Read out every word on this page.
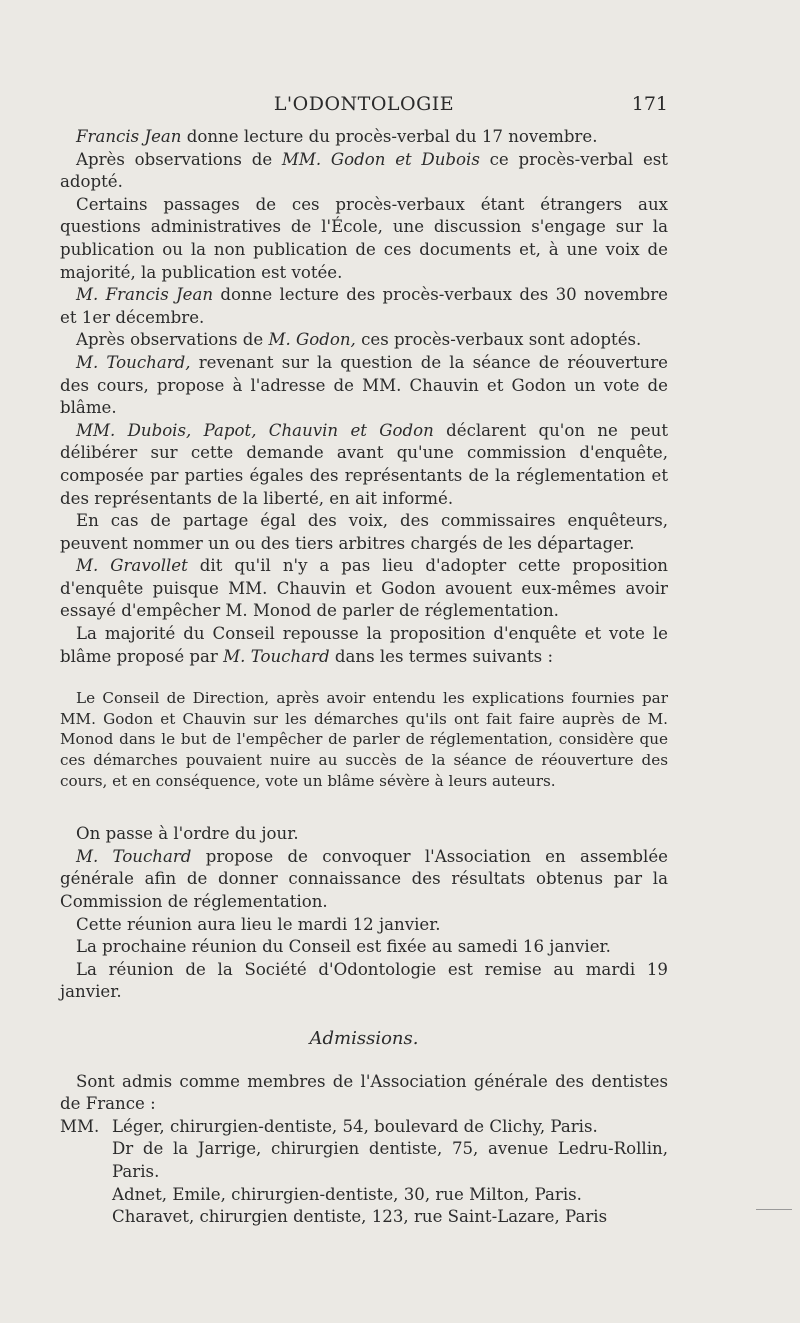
L'ODONTOLOGIE	171

Francis Jean donne lecture du procès-verbal du 17 novembre.

Après observations de MM. Godon et Dubois ce procès-verbal est adopté.

Certains passages de ces procès-verbaux étant étrangers aux questions administratives de l'École, une discussion s'engage sur la publication ou la non publication de ces documents et, à une voix de majorité, la publication est votée.

M. Francis Jean donne lecture des procès-verbaux des 30 novembre et 1er décembre.

Après observations de M. Godon, ces procès-verbaux sont adoptés.

M. Touchard, revenant sur la question de la séance de réouverture des cours, propose à l'adresse de MM. Chauvin et Godon un vote de blâme.

MM. Dubois, Papot, Chauvin et Godon déclarent qu'on ne peut délibérer sur cette demande avant qu'une commission d'enquête, composée par parties égales des représentants de la réglementation et des représentants de la liberté, en ait informé.

En cas de partage égal des voix, des commissaires enquêteurs, peuvent nommer un ou des tiers arbitres chargés de les départager.

M. Gravollet dit qu'il n'y a pas lieu d'adopter cette proposition d'enquête puisque MM. Chauvin et Godon avouent eux-mêmes avoir essayé d'empêcher M. Monod de parler de réglementation.

La majorité du Conseil repousse la proposition d'enquête et vote le blâme proposé par M. Touchard dans les termes suivants :

Le Conseil de Direction, après avoir entendu les explications fournies par MM. Godon et Chauvin sur les démarches qu'ils ont fait faire auprès de M. Monod dans le but de l'empêcher de parler de réglementation, considère que ces démarches pouvaient nuire au succès de la séance de réouverture des cours, et en conséquence, vote un blâme sévère à leurs auteurs.

On passe à l'ordre du jour.

M. Touchard propose de convoquer l'Association en assemblée générale afin de donner connaissance des résultats obtenus par la Commission de réglementation.

Cette réunion aura lieu le mardi 12 janvier.

La prochaine réunion du Conseil est fixée au samedi 16 janvier.

La réunion de la Société d'Odontologie est remise au mardi 19 janvier.

Admissions.

Sont admis comme membres de l'Association générale des dentistes de France :

MM. Léger, chirurgien-dentiste, 54, boulevard de Clichy, Paris.
Dr de la Jarrige, chirurgien dentiste, 75, avenue Ledru-Rollin, Paris.
Adnet, Emile, chirurgien-dentiste, 30, rue Milton, Paris.
Charavet, chirurgien dentiste, 123, rue Saint-Lazare, Paris
